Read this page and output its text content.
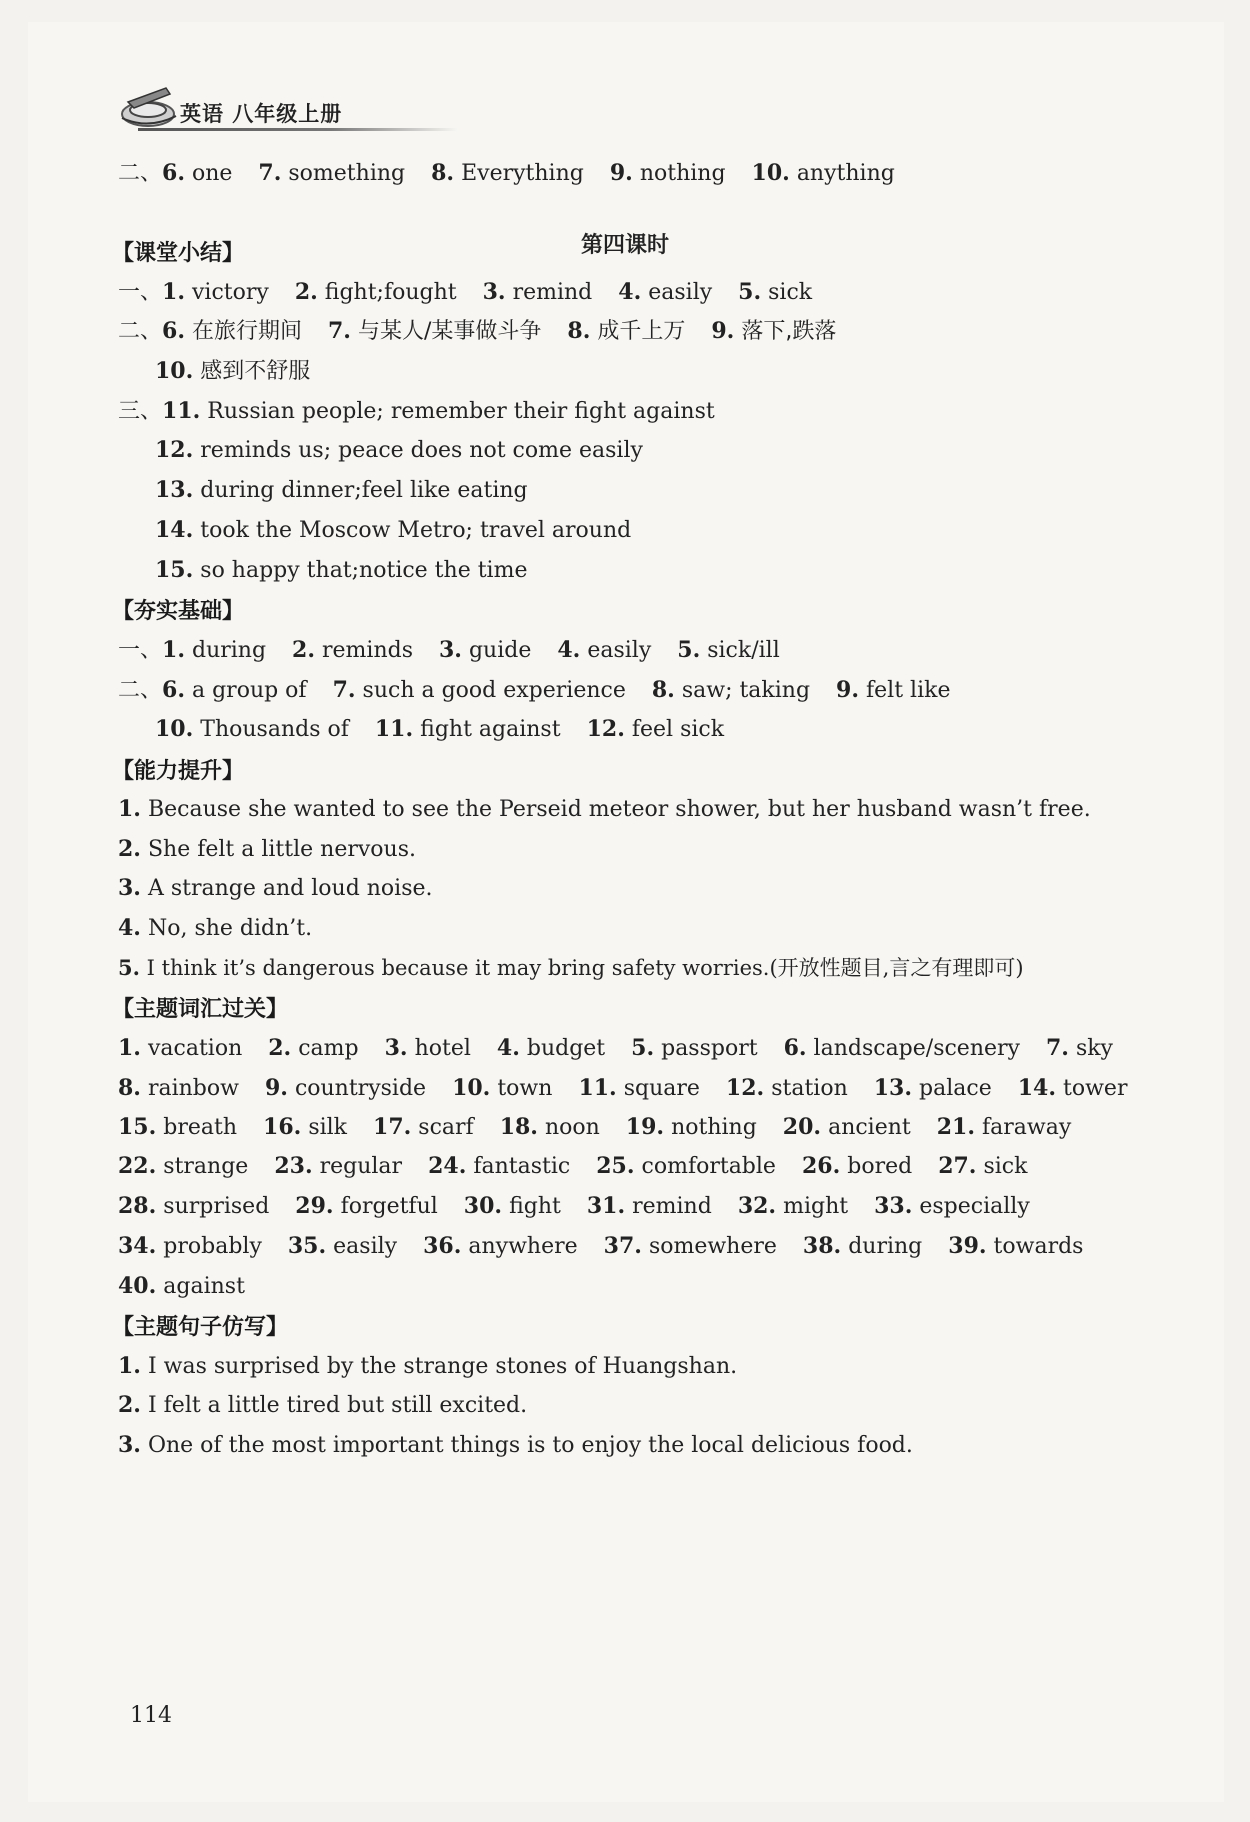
英语 八年级上册
二、6. one 7. something 8. Everything 9. nothing 10. anything
第四课时
【课堂小结】
一、1. victory 2. fight;fought 3. remind 4. easily 5. sick
二、6. 在旅行期间 7. 与某人/某事做斗争 8. 成千上万 9. 落下,跌落
10. 感到不舒服
三、11. Russian people; remember their fight against
12. reminds us; peace does not come easily
13. during dinner;feel like eating
14. took the Moscow Metro; travel around
15. so happy that;notice the time
【夯实基础】
一、1. during 2. reminds 3. guide 4. easily 5. sick/ill
二、6. a group of 7. such a good experience 8. saw; taking 9. felt like
10. Thousands of 11. fight against 12. feel sick
【能力提升】
1. Because she wanted to see the Perseid meteor shower, but her husband wasn’t free.
2. She felt a little nervous.
3. A strange and loud noise.
4. No, she didn’t.
5. I think it’s dangerous because it may bring safety worries.(开放性题目,言之有理即可)
【主题词汇过关】
1. vacation 2. camp 3. hotel 4. budget 5. passport 6. landscape/scenery 7. sky
8. rainbow 9. countryside 10. town 11. square 12. station 13. palace 14. tower
15. breath 16. silk 17. scarf 18. noon 19. nothing 20. ancient 21. faraway
22. strange 23. regular 24. fantastic 25. comfortable 26. bored 27. sick
28. surprised 29. forgetful 30. fight 31. remind 32. might 33. especially
34. probably 35. easily 36. anywhere 37. somewhere 38. during 39. towards
40. against
【主题句子仿写】
1. I was surprised by the strange stones of Huangshan.
2. I felt a little tired but still excited.
3. One of the most important things is to enjoy the local delicious food.
114
